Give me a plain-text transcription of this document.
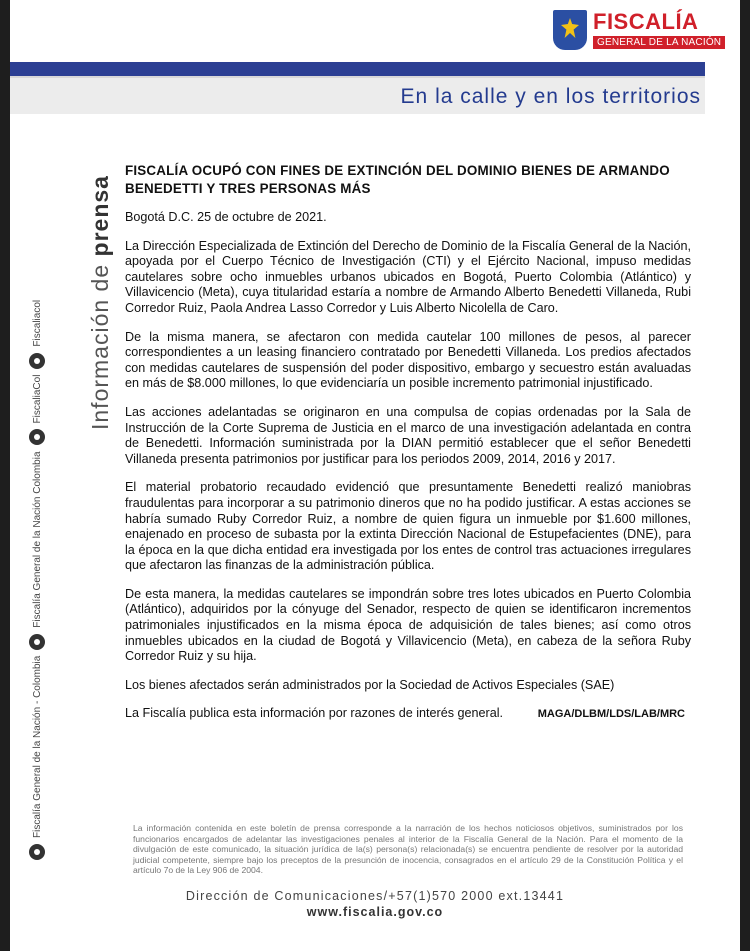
FISCALÍA
GENERAL DE LA NACIÓN
En la calle y en los territorios
Fiscalía General de la Nación - Colombia
Fiscalía General de la Nación Colombia
FiscaliaCol
Fiscaliacol Información de prensa
FISCALÍA OCUPÓ CON FINES DE EXTINCIÓN DEL DOMINIO BIENES DE ARMANDO BENEDETTI Y TRES PERSONAS MÁS

Bogotá D.C. 25 de octubre de 2021.

La Dirección Especializada de Extinción del Derecho de Dominio de la Fiscalía General de la Nación, apoyada por el Cuerpo Técnico de Investigación (CTI) y el Ejército Nacional, impuso medidas cautelares sobre ocho inmuebles urbanos ubicados en Bogotá, Puerto Colombia (Atlántico) y Villavicencio (Meta), cuya titularidad estaría a nombre de Armando Alberto Benedetti Villaneda, Rubi Corredor Ruiz, Paola Andrea Lasso Corredor y Luis Alberto Nicolella de Caro.

De la misma manera, se afectaron con medida cautelar 100 millones de pesos, al parecer correspondientes a un leasing financiero contratado por Benedetti Villaneda. Los predios afectados con medidas cautelares de suspensión del poder dispositivo, embargo y secuestro están avaluadas en más de $8.000 millones, lo que evidenciaría un posible incremento patrimonial injustificado.

Las acciones adelantadas se originaron en una compulsa de copias ordenadas por la Sala de Instrucción de la Corte Suprema de Justicia en el marco de una investigación adelantada en contra de Benedetti. Información suministrada por la DIAN permitió establecer que el señor Benedetti Villaneda presenta patrimonios por justificar para los periodos 2009, 2014, 2016 y 2017.

El material probatorio recaudado evidenció que presuntamente Benedetti realizó maniobras fraudulentas para incorporar a su patrimonio dineros que no ha podido justificar. A estas acciones se habría sumado Ruby Corredor Ruiz, a nombre de quien figura un inmueble por $1.600 millones, enajenado en proceso de subasta por la extinta Dirección Nacional de Estupefacientes (DNE), para la época en la que dicha entidad era investigada por los entes de control tras actuaciones irregulares que afectaron las finanzas de la administración pública.

De esta manera, la medidas cautelares se impondrán sobre tres lotes ubicados en Puerto Colombia (Atlántico), adquiridos por la cónyuge del Senador, respecto de quien se identificaron incrementos patrimoniales injustificados en la misma época de adquisición de tales bienes; así como otros inmuebles ubicados en la ciudad de Bogotá y Villavicencio (Meta), en cabeza de la señora Ruby Corredor Ruiz y su hija.

Los bienes afectados serán administrados por la Sociedad de Activos Especiales (SAE)

La Fiscalía publica esta información por razones de interés general.	MAGA/DLBM/LDS/LAB/MRC
La información contenida en este boletín de prensa corresponde a la narración de los hechos noticiosos objetivos, suministrados por los funcionarios encargados de adelantar las investigaciones penales al interior de la Fiscalía General de la Nación. Para el momento de la divulgación de este comunicado, la situación jurídica de la(s) persona(s) relacionada(s) se encuentra pendiente de resolver por la autoridad judicial competente, siempre bajo los preceptos de la presunción de inocencia, consagrados en el artículo 29 de la Constitución Política y el artículo 7o de la Ley 906 de 2004.
Dirección de Comunicaciones/+57(1)570 2000 ext.13441
www.fiscalia.gov.co
